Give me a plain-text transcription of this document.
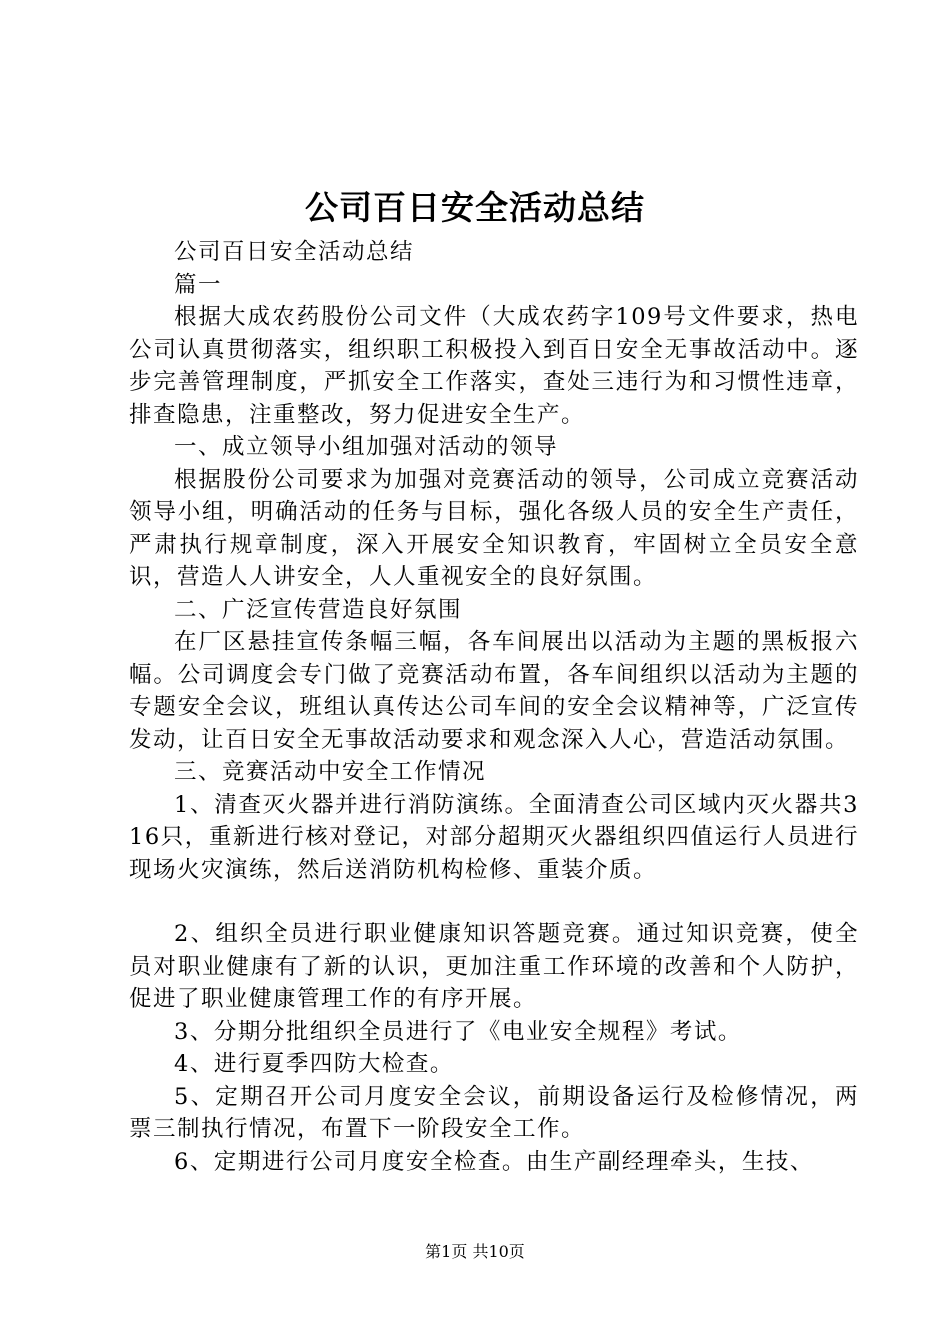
公司百日安全活动总结

公司百日安全活动总结

篇一

根据大成农药股份公司文件（大成农药字109号文件要求，热电公司认真贯彻落实，组织职工积极投入到百日安全无事故活动中。逐步完善管理制度，严抓安全工作落实，查处三违行为和习惯性违章，排查隐患，注重整改，努力促进安全生产。

一、成立领导小组加强对活动的领导

根据股份公司要求为加强对竞赛活动的领导，公司成立竞赛活动领导小组，明确活动的任务与目标，强化各级人员的安全生产责任，严肃执行规章制度，深入开展安全知识教育，牢固树立全员安全意识，营造人人讲安全，人人重视安全的良好氛围。

二、广泛宣传营造良好氛围

在厂区悬挂宣传条幅三幅，各车间展出以活动为主题的黑板报六幅。公司调度会专门做了竞赛活动布置，各车间组织以活动为主题的专题安全会议，班组认真传达公司车间的安全会议精神等，广泛宣传发动，让百日安全无事故活动要求和观念深入人心，营造活动氛围。

三、竞赛活动中安全工作情况

1、清查灭火器并进行消防演练。全面清查公司区域内灭火器共316只，重新进行核对登记，对部分超期灭火器组织四值运行人员进行现场火灾演练，然后送消防机构检修、重装介质。

2、组织全员进行职业健康知识答题竞赛。通过知识竞赛，使全员对职业健康有了新的认识，更加注重工作环境的改善和个人防护，促进了职业健康管理工作的有序开展。

3、分期分批组织全员进行了《电业安全规程》考试。

4、进行夏季四防大检查。

5、定期召开公司月度安全会议，前期设备运行及检修情况，两票三制执行情况，布置下一阶段安全工作。

6、定期进行公司月度安全检查。由生产副经理牵头，生技、

第1页 共10页
